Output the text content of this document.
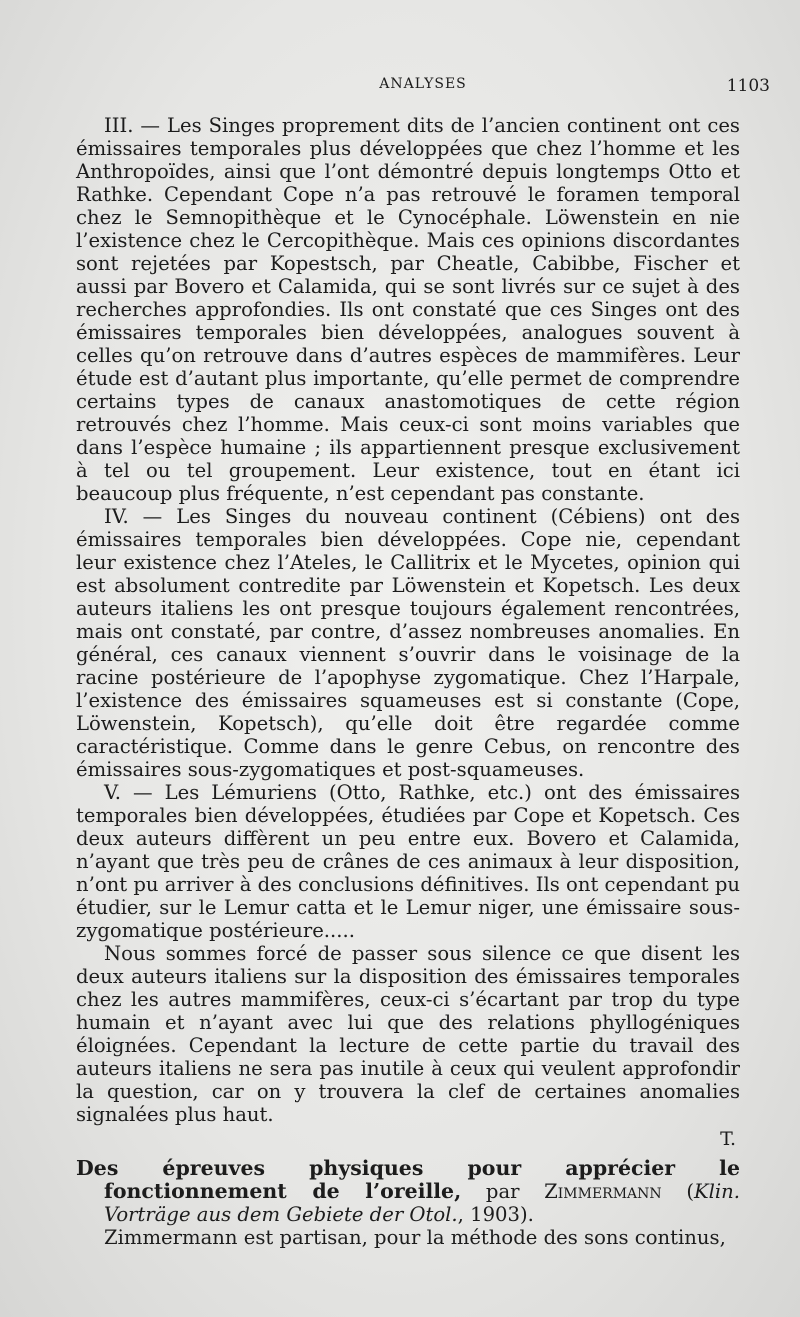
ANALYSES	1103

III. — Les Singes proprement dits de l’ancien continent ont ces émissaires temporales plus développées que chez l’homme et les Anthropoïdes, ainsi que l’ont démontré depuis longtemps Otto et Rathke. Cependant Cope n’a pas retrouvé le foramen temporal chez le Semnopithèque et le Cynocéphale. Löwenstein en nie l’existence chez le Cercopithèque. Mais ces opinions discordantes sont rejetées par Kopestsch, par Cheatle, Cabibbe, Fischer et aussi par Bovero et Calamida, qui se sont livrés sur ce sujet à des recherches approfondies. Ils ont constaté que ces Singes ont des émissaires temporales bien développées, analogues souvent à celles qu’on retrouve dans d’autres espèces de mammifères. Leur étude est d’autant plus importante, qu’elle permet de comprendre certains types de canaux anastomotiques de cette région retrouvés chez l’homme. Mais ceux-ci sont moins variables que dans l’espèce humaine ; ils appartiennent presque exclusivement à tel ou tel groupement. Leur existence, tout en étant ici beaucoup plus fréquente, n’est cependant pas constante.

IV. — Les Singes du nouveau continent (Cébiens) ont des émissaires temporales bien développées. Cope nie, cependant leur existence chez l’Ateles, le Callitrix et le Mycetes, opinion qui est absolument contredite par Löwenstein et Kopetsch. Les deux auteurs italiens les ont presque toujours également rencontrées, mais ont constaté, par contre, d’assez nombreuses anomalies. En général, ces canaux viennent s’ouvrir dans le voisinage de la racine postérieure de l’apophyse zygomatique. Chez l’Harpale, l’existence des émissaires squameuses est si constante (Cope, Löwenstein, Kopetsch), qu’elle doit être regardée comme caractéristique. Comme dans le genre Cebus, on rencontre des émissaires sous-zygomatiques et post-squameuses.

V. — Les Lémuriens (Otto, Rathke, etc.) ont des émissaires temporales bien développées, étudiées par Cope et Kopetsch. Ces deux auteurs diffèrent un peu entre eux. Bovero et Calamida, n’ayant que très peu de crânes de ces animaux à leur disposition, n’ont pu arriver à des conclusions définitives. Ils ont cependant pu étudier, sur le Lemur catta et le Lemur niger, une émissaire sous-zygomatique postérieure.....

Nous sommes forcé de passer sous silence ce que disent les deux auteurs italiens sur la disposition des émissaires temporales chez les autres mammifères, ceux-ci s’écartant par trop du type humain et n’ayant avec lui que des relations phyllogéniques éloignées. Cependant la lecture de cette partie du travail des auteurs italiens ne sera pas inutile à ceux qui veulent approfondir la question, car on y trouvera la clef de certaines anomalies signalées plus haut.

T.

Des épreuves physiques pour apprécier le fonctionnement de l’oreille, par Zimmermann (Klin. Vorträge aus dem Gebiete der Otol., 1903).

Zimmermann est partisan, pour la méthode des sons continus,
